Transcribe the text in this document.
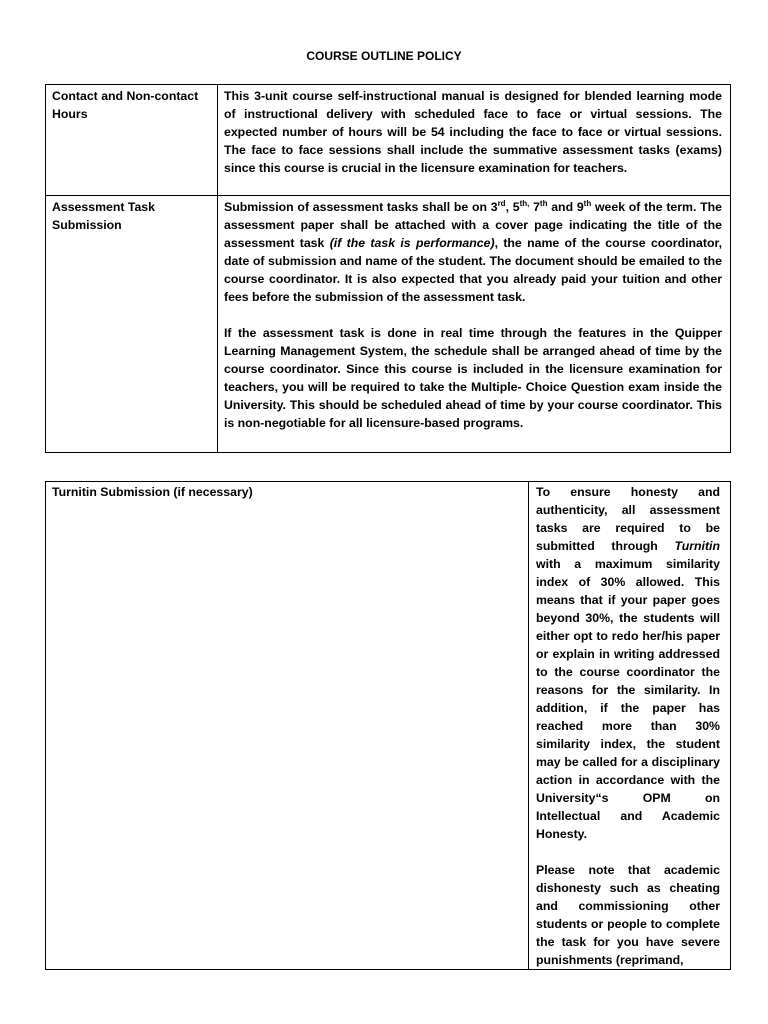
COURSE OUTLINE POLICY
Contact and Non-contact Hours	This 3-unit course self-instructional manual is designed for blended learning mode of instructional delivery with scheduled face to face or virtual sessions. The expected number of hours will be 54 including the face to face or virtual sessions. The face to face sessions shall include the summative assessment tasks (exams) since this course is crucial in the licensure examination for teachers.

Assessment Task Submission	Submission of assessment tasks shall be on 3rd, $5^{th,}$ 7th and 9th week of the term. The assessment paper shall be attached with a cover page indicating the title of the assessment task (if the task is performance), the name of the course coordinator, date of submission and name of the student. The document should be emailed to the course coordinator. It is also expected that you already paid your tuition and other fees before the submission of the assessment task.

If the assessment task is done in real time through the features in the Quipper Learning Management System, the schedule shall be arranged ahead of time by the course coordinator. Since this course is included in the licensure examination for teachers, you will be required to take the Multiple- Choice Question exam inside the University. This should be scheduled ahead of time by your course coordinator. This is non-negotiable for all licensure-based programs.

Turnitin Submission (if necessary)	To ensure honesty and authenticity, all assessment tasks are required to be submitted through Turnitin with a maximum similarity index of 30% allowed. This means that if your paper goes beyond 30%, the students will either opt to redo her/his paper or explain in writing addressed to the course coordinator the reasons for the similarity. In addition, if the paper has reached more than 30% similarity index, the student may be called for a disciplinary action in accordance with the University“s OPM on Intellectual and Academic Honesty.

Please note that academic dishonesty such as cheating and commissioning other students or people to complete the task for you have severe punishments (reprimand,
